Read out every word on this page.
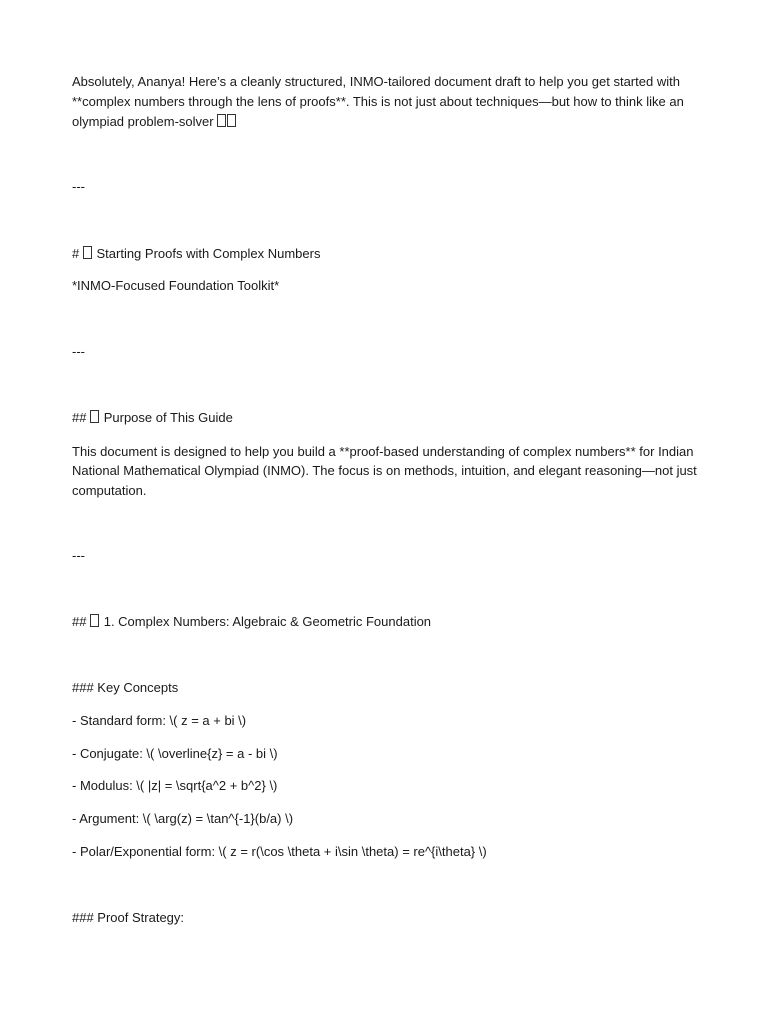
Absolutely, Ananya! Here’s a cleanly structured, INMO-tailored document draft to help you get started with

**complex numbers through the lens of proofs**. This is not just about techniques—but how to think like an

olympiad problem-solver

---

# Starting Proofs with Complex Numbers

*INMO-Focused Foundation Toolkit*

---

## Purpose of This Guide

This document is designed to help you build a **proof-based understanding of complex numbers** for Indian

National Mathematical Olympiad (INMO). The focus is on methods, intuition, and elegant reasoning—not just

computation.

---

## 1. Complex Numbers: Algebraic & Geometric Foundation

### Key Concepts

- Standard form: \( z = a + bi \)

- Conjugate: \( \overline{z} = a - bi \)

- Modulus: \( |z| = \sqrt{a^2 + b^2} \)

- Argument: \( \arg(z) = \tan^{-1}(b/a) \)

- Polar/Exponential form: \( z = r(\cos \theta + i\sin \theta) = re^{i\theta} \)

### Proof Strategy:
